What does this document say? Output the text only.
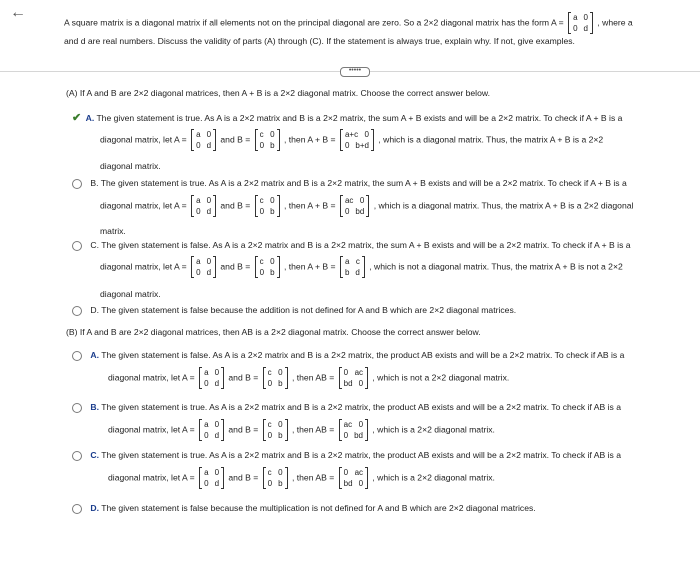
←
A square matrix is a diagonal matrix if all elements not on the principal diagonal are zero. So a 2×2 diagonal matrix has the form A = a 0
0 d
, where a
and d are real numbers. Discuss the validity of parts (A) through (C). If the statement is always true, explain why. If not, give examples.
•••••
(A) If A and B are 2×2 diagonal matrices, then A + B is a 2×2 diagonal matrix. Choose the correct answer below.
✔ A. The given statement is true. As A is a 2×2 matrix and B is a 2×2 matrix, the sum A + B exists and will be a 2×2 matrix. To check if A + B is a
diagonal matrix, let A = a 0
0 d
and B = c 0
0 b
, then A + B = a+c 0
0 b+d
, which is a diagonal matrix. Thus, the matrix A + B is a 2×2
diagonal matrix.
B. The given statement is true. As A is a 2×2 matrix and B is a 2×2 matrix, the sum A + B exists and will be a 2×2 matrix. To check if A + B is a
diagonal matrix, let A = a 0
0 d
and B = c 0
0 b
, then A + B = ac 0
0 bd
, which is a diagonal matrix. Thus, the matrix A + B is a 2×2 diagonal
matrix.
C. The given statement is false. As A is a 2×2 matrix and B is a 2×2 matrix, the sum A + B exists and will be a 2×2 matrix. To check if A + B is a
diagonal matrix, let A = a 0
0 d
and B = c 0
0 b
, then A + B = a c
b d
, which is not a diagonal matrix. Thus, the matrix A + B is not a 2×2
diagonal matrix.
D. The given statement is false because the addition is not defined for A and B which are 2×2 diagonal matrices.
(B) If A and B are 2×2 diagonal matrices, then AB is a 2×2 diagonal matrix. Choose the correct answer below.
A. The given statement is false. As A is a 2×2 matrix and B is a 2×2 matrix, the product AB exists and will be a 2×2 matrix. To check if AB is a
diagonal matrix, let A = a 0
0 d
and B = c 0
0 b
, then AB = 0 ac
bd 0
, which is not a 2×2 diagonal matrix.
B. The given statement is true. As A is a 2×2 matrix and B is a 2×2 matrix, the product AB exists and will be a 2×2 matrix. To check if AB is a
diagonal matrix, let A = a 0
0 d
and B = c 0
0 b
, then AB = ac 0
0 bd
, which is a 2×2 diagonal matrix.
C. The given statement is true. As A is a 2×2 matrix and B is a 2×2 matrix, the product AB exists and will be a 2×2 matrix. To check if AB is a
diagonal matrix, let A = a 0
0 d
and B = c 0
0 b
, then AB = 0 ac
bd 0
, which is a 2×2 diagonal matrix.
D. The given statement is false because the multiplication is not defined for A and B which are 2×2 diagonal matrices.
